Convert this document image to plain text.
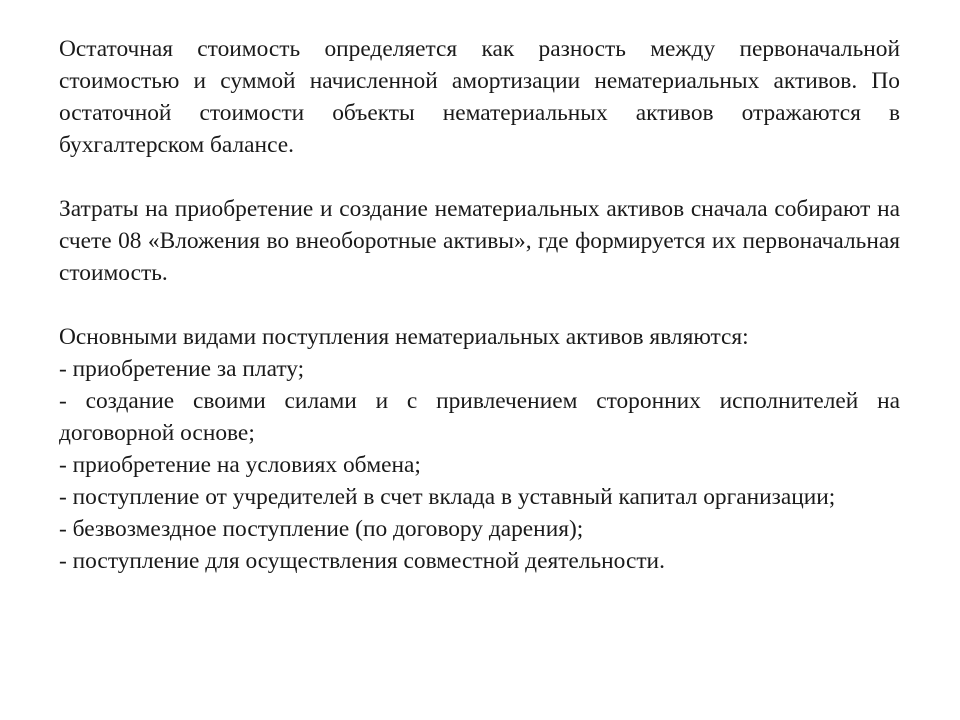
Остаточная стоимость определяется как разность между первоначальной стоимостью и суммой начисленной амортизации нематериальных активов. По остаточной стоимости объекты нематериальных активов отражаются в бухгалтерском балансе.

Затраты на приобретение и создание нематериальных активов сначала собирают на счете 08 «Вложения во внеоборотные активы», где формируется их первоначальная стоимость.

Основными видами поступления нематериальных активов являются:

- приобретение за плату;

- создание своими силами и с привлечением сторонних исполнителей на договорной основе;

- приобретение на условиях обмена;

- поступление от учредителей в счет вклада в уставный капитал организации;

- безвозмездное поступление (по договору дарения);

- поступление для осуществления совместной деятельности.
